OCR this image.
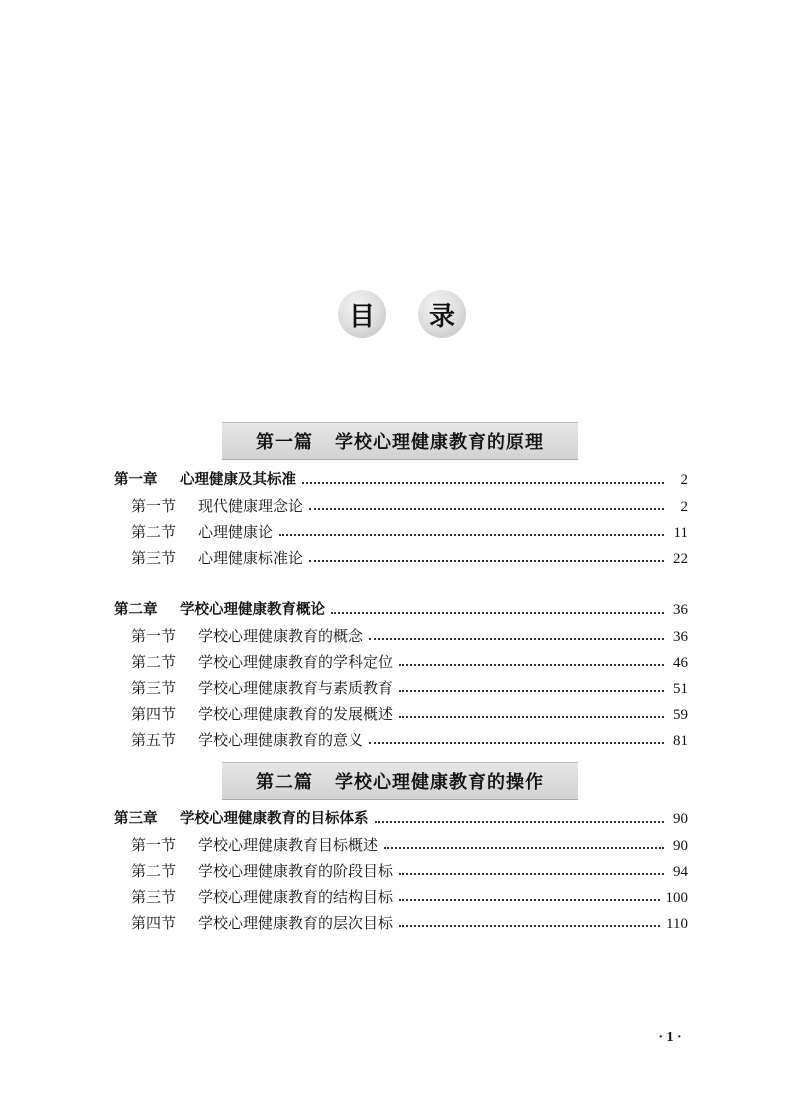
目	录
第一篇 学校心理健康教育的原理
第一章	心理健康及其标准	2
第一节	现代健康理念论	2
第二节	心理健康论	11
第三节	心理健康标准论	22
第二章	学校心理健康教育概论	36
第一节	学校心理健康教育的概念	36
第二节	学校心理健康教育的学科定位	46
第三节	学校心理健康教育与素质教育	51
第四节	学校心理健康教育的发展概述	59
第五节	学校心理健康教育的意义	81
第二篇 学校心理健康教育的操作
第三章	学校心理健康教育的目标体系	90
第一节	学校心理健康教育目标概述	90
第二节	学校心理健康教育的阶段目标	94
第三节	学校心理健康教育的结构目标	100
第四节	学校心理健康教育的层次目标	110
· 1 ·
